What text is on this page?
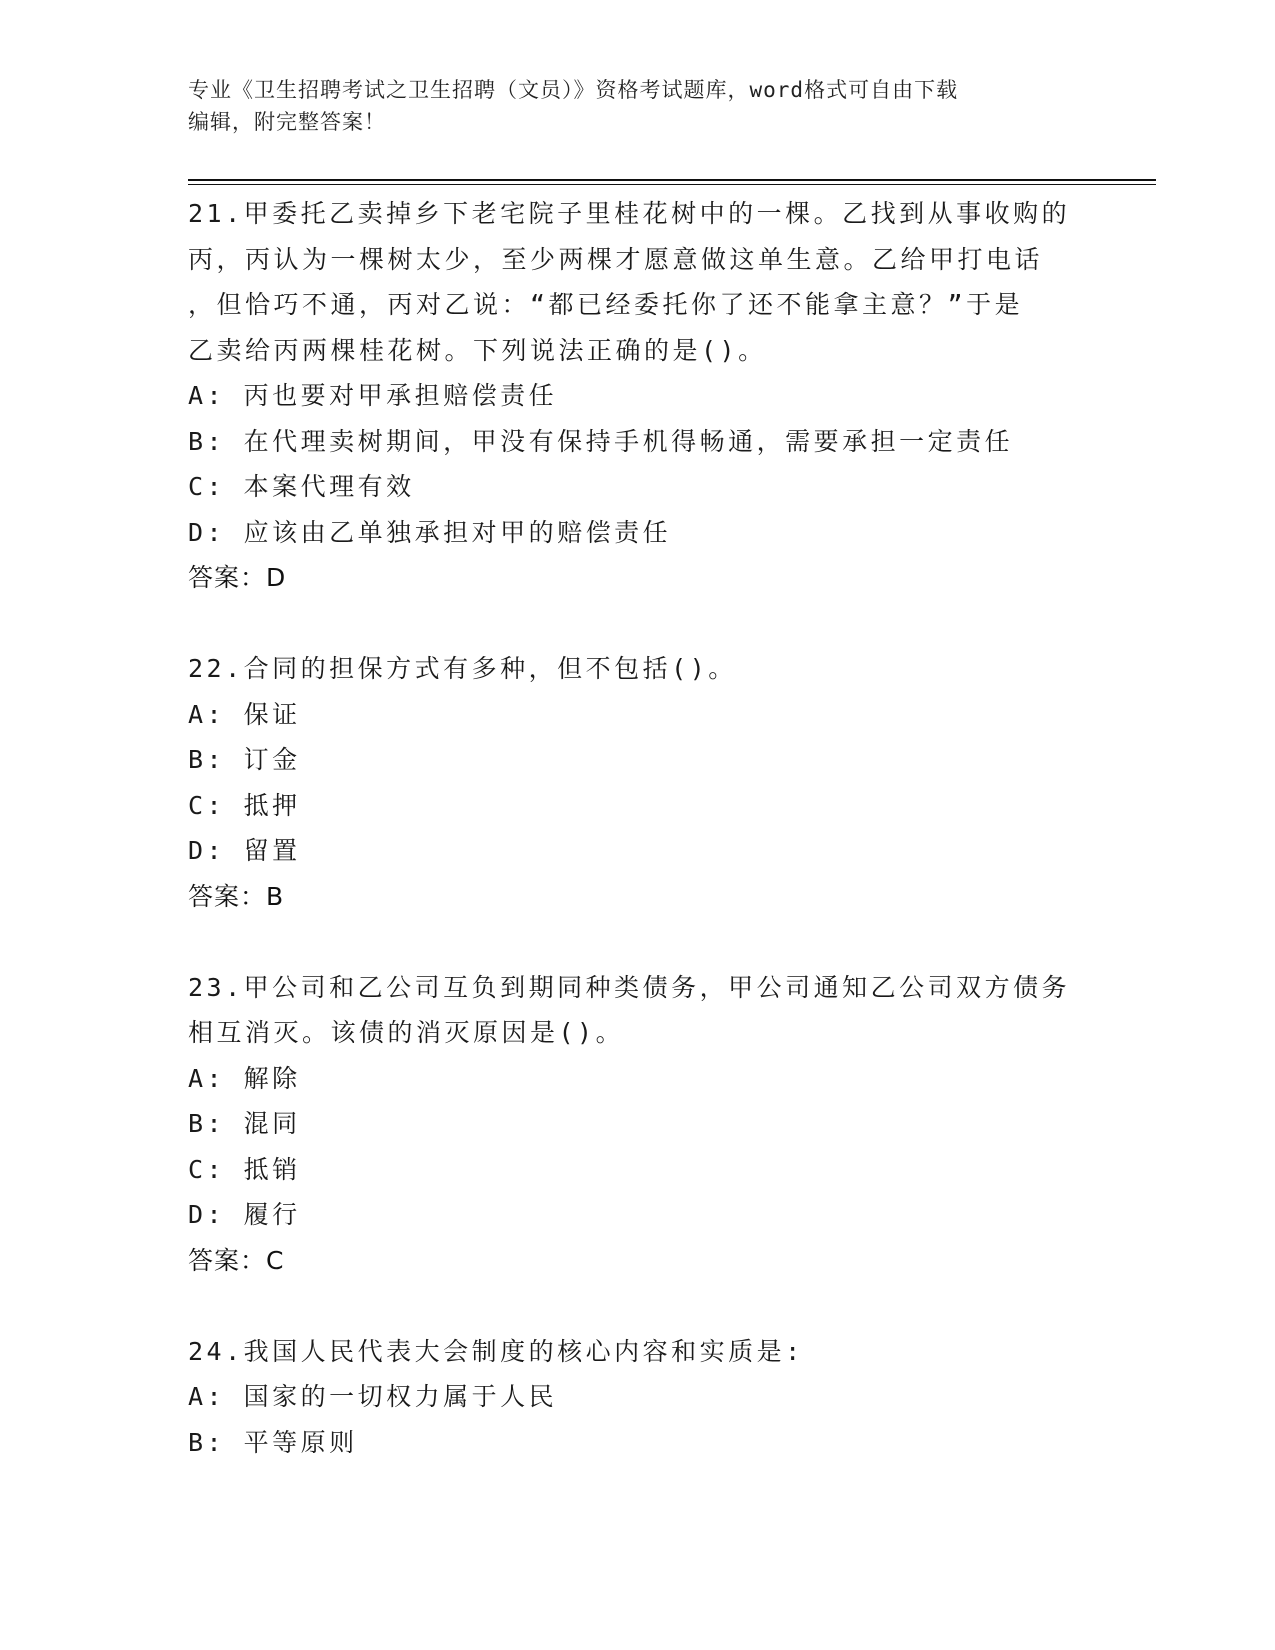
专业《卫生招聘考试之卫生招聘（文员）》资格考试题库，word格式可自由下载
编辑，附完整答案！

21.甲委托乙卖掉乡下老宅院子里桂花树中的一棵。乙找到从事收购的

丙，丙认为一棵树太少，至少两棵才愿意做这单生意。乙给甲打电话

，但恰巧不通，丙对乙说：“都已经委托你了还不能拿主意？”于是

乙卖给丙两棵桂花树。下列说法正确的是()。

A: 丙也要对甲承担赔偿责任

B: 在代理卖树期间，甲没有保持手机得畅通，需要承担一定责任

C: 本案代理有效

D: 应该由乙单独承担对甲的赔偿责任

答案：D

22.合同的担保方式有多种，但不包括()。

A: 保证

B: 订金

C: 抵押

D: 留置

答案：B

23.甲公司和乙公司互负到期同种类债务，甲公司通知乙公司双方债务

相互消灭。该债的消灭原因是()。

A: 解除

B: 混同

C: 抵销

D: 履行

答案：C

24.我国人民代表大会制度的核心内容和实质是:

A: 国家的一切权力属于人民

B: 平等原则
